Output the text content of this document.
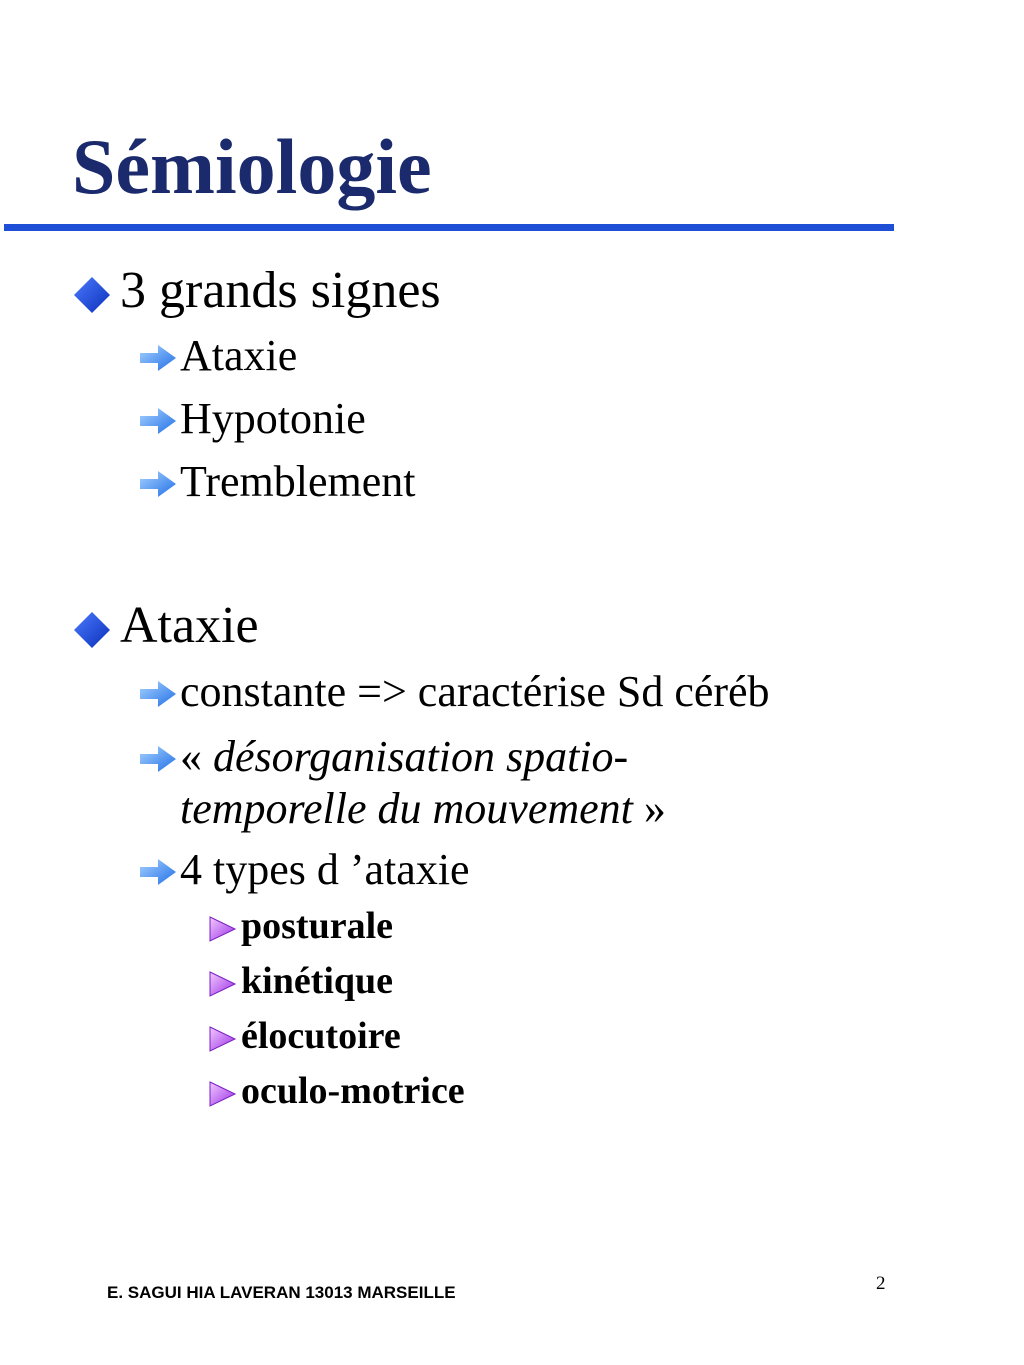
Sémiologie
3 grands signes
Ataxie
Hypotonie
Tremblement
Ataxie
constante => caractérise Sd céréb
« désorganisation spatio-
temporelle du mouvement »
4 types d ’ataxie
posturale
kinétique
élocutoire
oculo-motrice
E. SAGUI HIA LAVERAN 13013 MARSEILLE	2
